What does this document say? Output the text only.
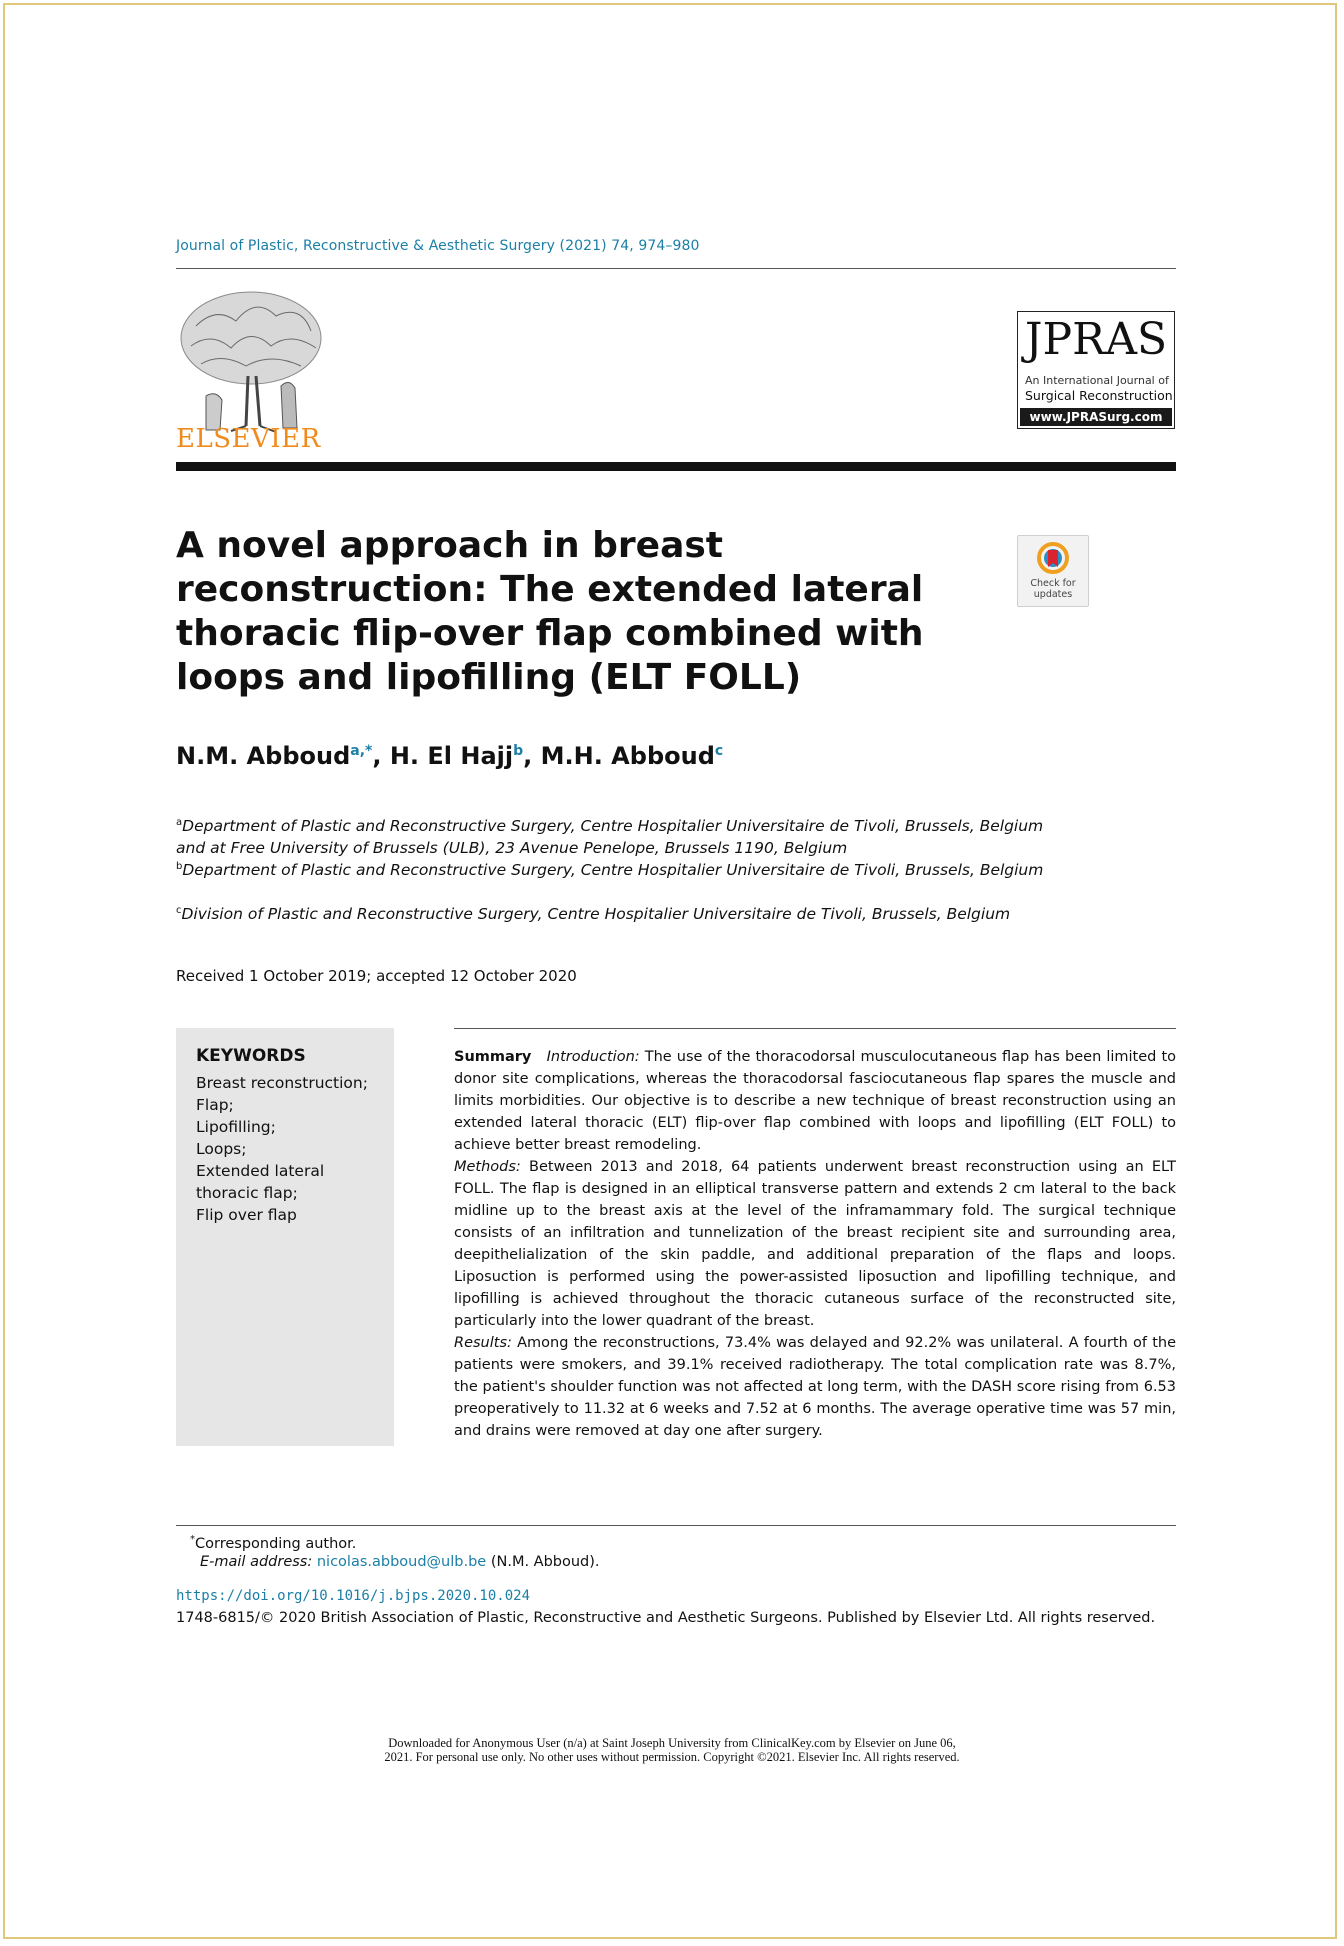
Journal of Plastic, Reconstructive & Aesthetic Surgery (2021) 74, 974–980
ELSEVIER
JPRAS
An International Journal of
Surgical Reconstruction
www.JPRASurg.com
A novel approach in breast reconstruction: The extended lateral thoracic flip-over flap combined with loops and lipofilling (ELT FOLL)
Check for updates
N.M. Abboud$^{a,*}$, H. El Hajj$^b$, M.H. Abboud$^c$
$^a$Department of Plastic and Reconstructive Surgery, Centre Hospitalier Universitaire de Tivoli, Brussels, Belgium and at Free University of Brussels (ULB), 23 Avenue Penelope, Brussels 1190, Belgium
$^b$Department of Plastic and Reconstructive Surgery, Centre Hospitalier Universitaire de Tivoli, Brussels, Belgium
$^c$Division of Plastic and Reconstructive Surgery, Centre Hospitalier Universitaire de Tivoli, Brussels, Belgium
Received 1 October 2019; accepted 12 October 2020
KEYWORDS
Breast reconstruction;
Flap;
Lipofilling;
Loops;
Extended lateral thoracic flap;
Flip over flap

Summary Introduction: The use of the thoracodorsal musculocutaneous flap has been limited to donor site complications, whereas the thoracodorsal fasciocutaneous flap spares the muscle and limits morbidities. Our objective is to describe a new technique of breast reconstruction using an extended lateral thoracic (ELT) flip-over flap combined with loops and lipofilling (ELT FOLL) to achieve better breast remodeling.

Methods: Between 2013 and 2018, 64 patients underwent breast reconstruction using an ELT FOLL. The flap is designed in an elliptical transverse pattern and extends 2 cm lateral to the back midline up to the breast axis at the level of the inframammary fold. The surgical technique consists of an infiltration and tunnelization of the breast recipient site and surrounding area, deepithelialization of the skin paddle, and additional preparation of the flaps and loops. Liposuction is performed using the power-assisted liposuction and lipofilling technique, and lipofilling is achieved throughout the thoracic cutaneous surface of the reconstructed site, particularly into the lower quadrant of the breast.

Results: Among the reconstructions, 73.4% was delayed and 92.2% was unilateral. A fourth of the patients were smokers, and 39.1% received radiotherapy. The total complication rate was 8.7%, the patient's shoulder function was not affected at long term, with the DASH score rising from 6.53 preoperatively to 11.32 at 6 weeks and 7.52 at 6 months. The average operative time was 57 min, and drains were removed at day one after surgery.

*Corresponding author.
E-mail address: nicolas.abboud@ulb.be (N.M. Abboud).
https://doi.org/10.1016/j.bjps.2020.10.024
1748-6815/© 2020 British Association of Plastic, Reconstructive and Aesthetic Surgeons. Published by Elsevier Ltd. All rights reserved.
Downloaded for Anonymous User (n/a) at Saint Joseph University from ClinicalKey.com by Elsevier on June 06,
2021. For personal use only. No other uses without permission. Copyright ©2021. Elsevier Inc. All rights reserved.
